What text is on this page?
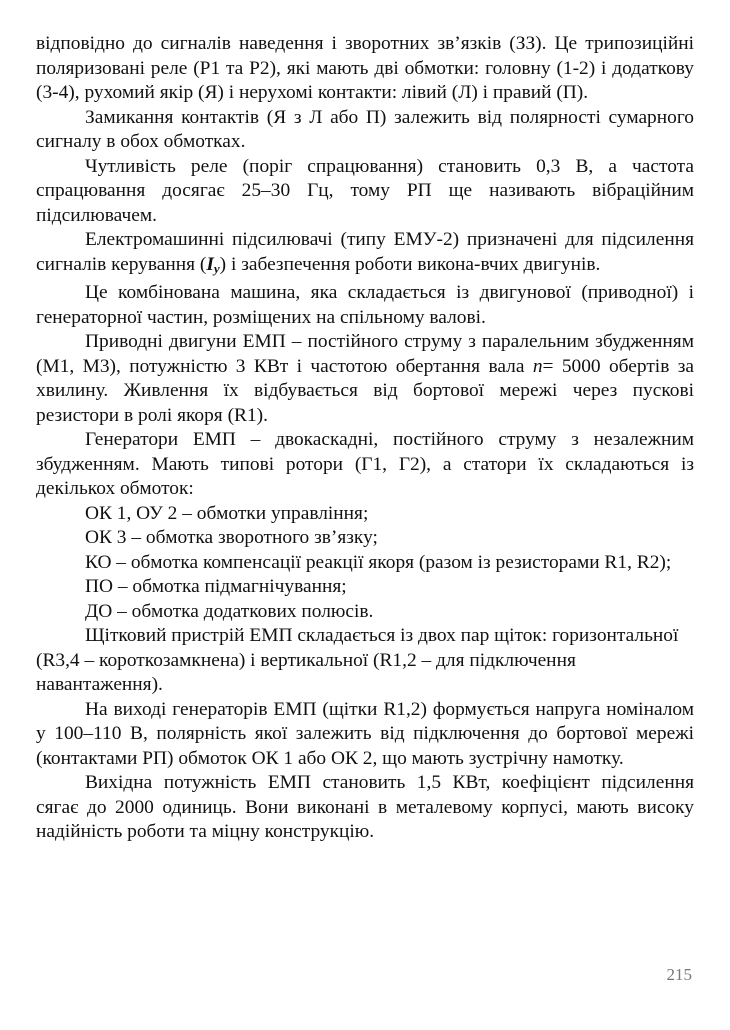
відповідно до сигналів наведення і зворотних зв’язків (ЗЗ). Це трипозиційні поляризовані реле (Р1 та Р2), які мають дві обмотки: головну (1-2) і додаткову (3-4), рухомий якір (Я) і нерухомі контакти: лівий (Л) і правий (П).

Замикання контактів (Я з Л або П) залежить від полярності сумарного сигналу в обох обмотках.

Чутливість реле (поріг спрацювання) становить 0,3 В, а частота спрацювання досягає 25–30 Гц, тому РП ще називають вібраційним підсилювачем.

Електромашинні підсилювачі (типу ЕМУ-2) призначені для підсилення сигналів керування $(I_у)$ і забезпечення роботи викона-вчих двигунів.

Це комбінована машина, яка складається із двигунової (приводної) і генераторної частин, розміщених на спільному валові.

Приводні двигуни ЕМП – постійного струму з паралельним збудженням (М1, М3), потужністю 3 КВт і частотою обертання вала n= 5000 обертів за хвилину. Живлення їх відбувається від бортової мережі через пускові резистори в ролі якоря (R1).

Генератори ЕМП – двокаскадні, постійного струму з незалежним збудженням. Мають типові ротори (Г1, Г2), а статори їх складаються із декількох обмоток:

ОК 1, ОУ 2 – обмотки управління;

ОК 3 – обмотка зворотного зв’язку;

КО – обмотка компенсації реакції якоря (разом із резисторами R1, R2);

ПО – обмотка підмагнічування;

ДО – обмотка додаткових полюсів.

Щітковий пристрій ЕМП складається із двох пар щіток: горизонтальної (R3,4 – короткозамкнена) і вертикальної (R1,2 – для підключення навантаження).

На виході генераторів ЕМП (щітки R1,2) формується напруга номіналом у 100–110 В, полярність якої залежить від підключення до бортової мережі (контактами РП) обмоток ОК 1 або ОК 2, що мають зустрічну намотку.

Вихідна потужність ЕМП становить 1,5 КВт, коефіцієнт підсилення сягає до 2000 одиниць. Вони виконані в металевому корпусі, мають високу надійність роботи та міцну конструкцію.

215
